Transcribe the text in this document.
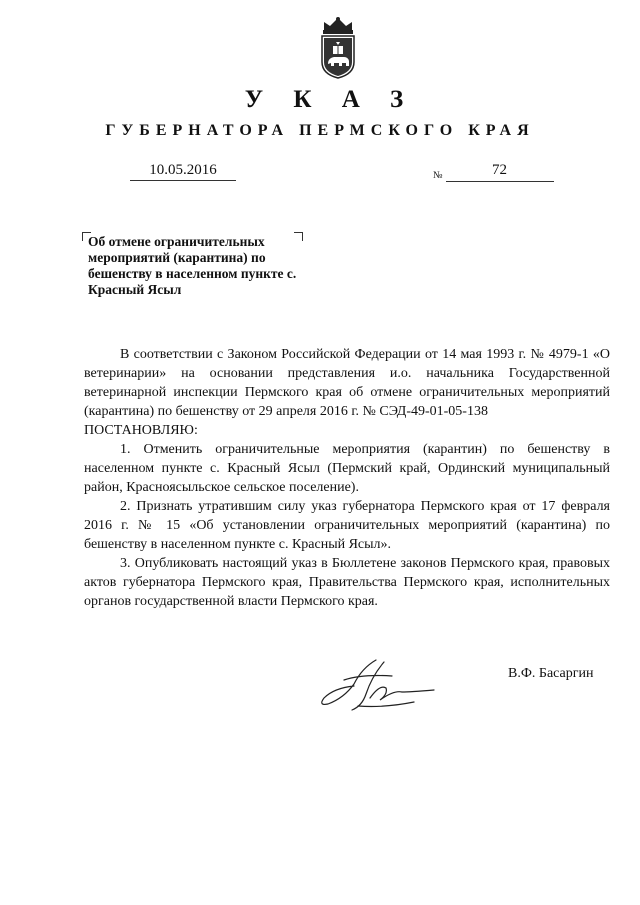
У К А З
ГУБЕРНАТОРА ПЕРМСКОГО КРАЯ
10.05.2016	№	72
Об отмене ограничительных мероприятий (карантина) по бешенству в населенном пункте с. Красный Ясыл

В соответствии с Законом Российской Федерации от 14 мая 1993 г. № 4979-1 «О ветеринарии» на основании представления и.о. начальника Государственной ветеринарной инспекции Пермского края об отмене ограничительных мероприятий (карантина) по бешенству от 29 апреля 2016 г. № СЭД-49-01-05-138

ПОСТАНОВЛЯЮ:

1. Отменить ограничительные мероприятия (карантин) по бешенству в населенном пункте с. Красный Ясыл (Пермский край, Ординский муниципальный район, Красноясыльское сельское поселение).

2. Признать утратившим силу указ губернатора Пермского края от 17 февраля 2016 г. № 15 «Об установлении ограничительных мероприятий (карантина) по бешенству в населенном пункте с. Красный Ясыл».

3. Опубликовать настоящий указ в Бюллетене законов Пермского края, правовых актов губернатора Пермского края, Правительства Пермского края, исполнительных органов государственной власти Пермского края.

В.Ф. Басаргин
